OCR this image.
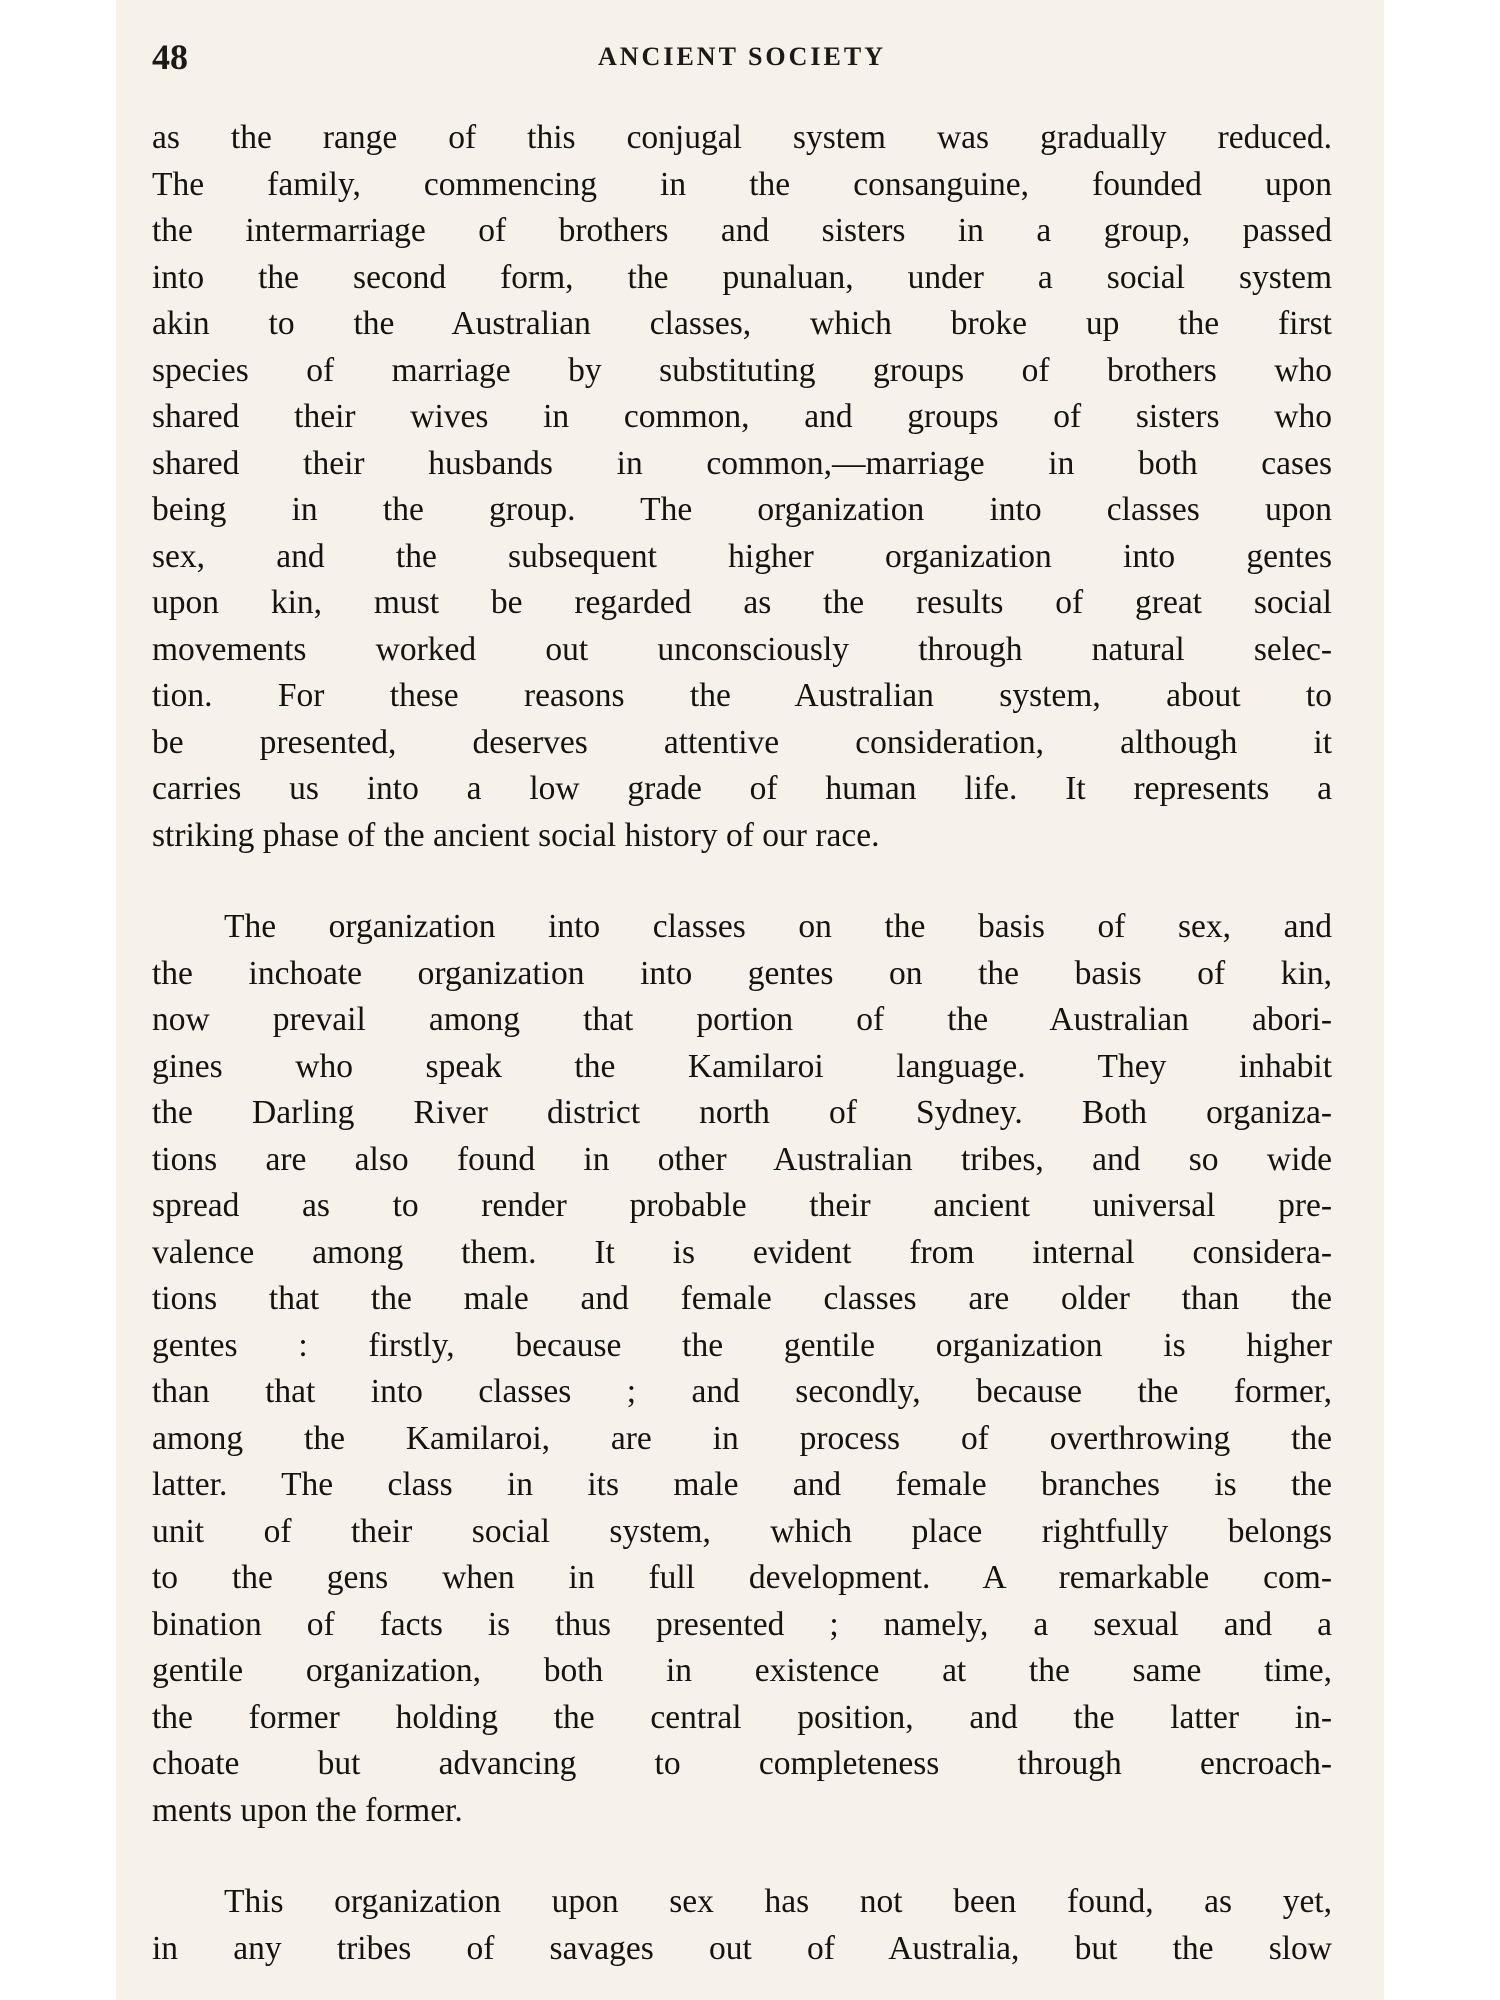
48	ANCIENT SOCIETY
as the range of this conjugal system was gradually reduced.
The family, commencing in the consanguine, founded upon
the intermarriage of brothers and sisters in a group, passed
into the second form, the punaluan, under a social system
akin to the Australian classes, which broke up the first
species of marriage by substituting groups of brothers who
shared their wives in common, and groups of sisters who
shared their husbands in common,—marriage in both cases
being in the group. The organization into classes upon
sex, and the subsequent higher organization into gentes
upon kin, must be regarded as the results of great social
movements worked out unconsciously through natural selec-
tion. For these reasons the Australian system, about to
be presented, deserves attentive consideration, although it
carries us into a low grade of human life. It represents a
striking phase of the ancient social history of our race.
The organization into classes on the basis of sex, and
the inchoate organization into gentes on the basis of kin,
now prevail among that portion of the Australian abori-
gines who speak the Kamilaroi language. They inhabit
the Darling River district north of Sydney. Both organiza-
tions are also found in other Australian tribes, and so wide
spread as to render probable their ancient universal pre-
valence among them. It is evident from internal considera-
tions that the male and female classes are older than the
gentes : firstly, because the gentile organization is higher
than that into classes ; and secondly, because the former,
among the Kamilaroi, are in process of overthrowing the
latter. The class in its male and female branches is the
unit of their social system, which place rightfully belongs
to the gens when in full development. A remarkable com-
bination of facts is thus presented ; namely, a sexual and a
gentile organization, both in existence at the same time,
the former holding the central position, and the latter in-
choate but advancing to completeness through encroach-
ments upon the former.
This organization upon sex has not been found, as yet,
in any tribes of savages out of Australia, but the slow
